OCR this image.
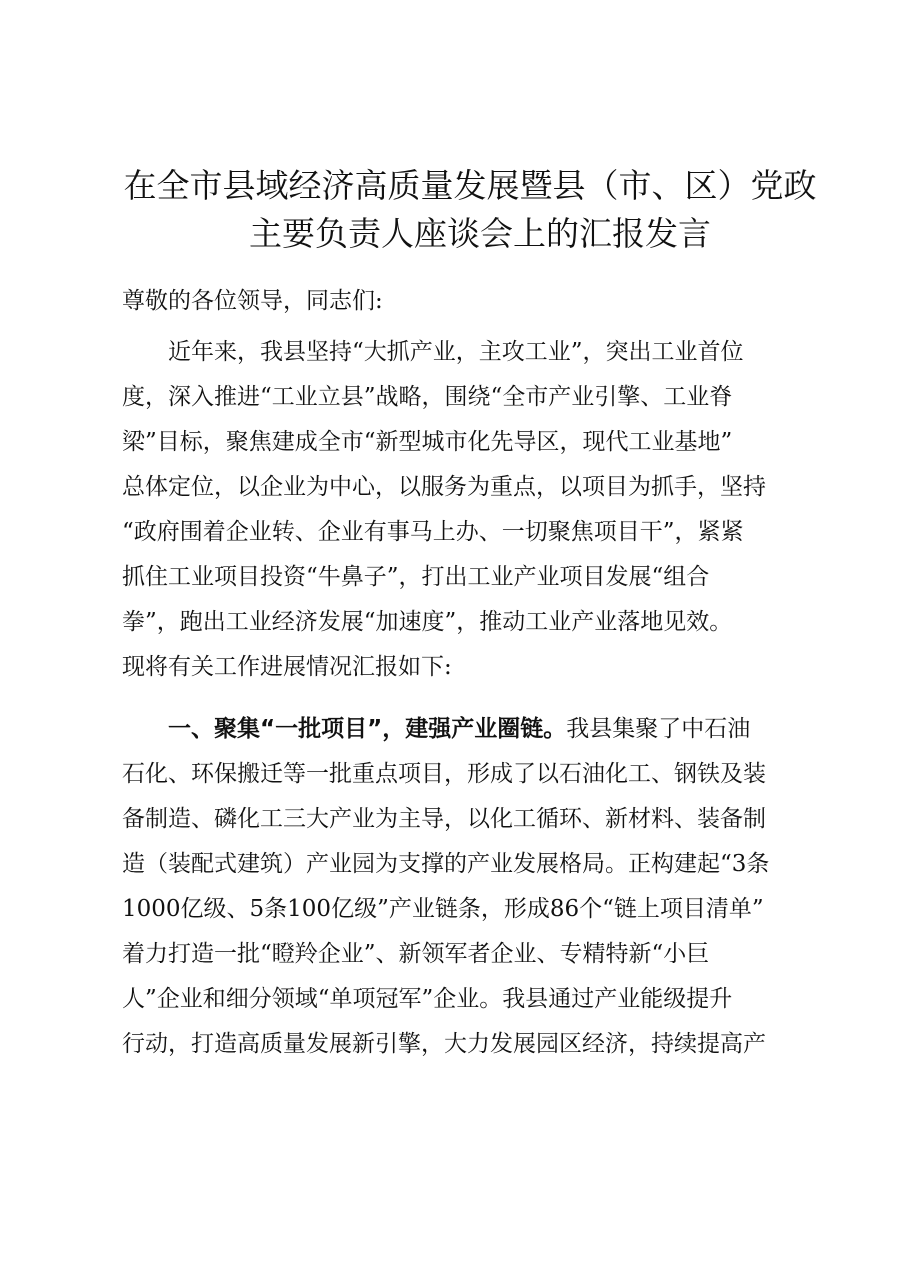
在全市县域经济高质量发展暨县（市、区）党政
主要负责人座谈会上的汇报发言
尊敬的各位领导，同志们:
近年来，我县坚持“大抓产业，主攻工业”，突出工业首位
度，深入推进“工业立县”战略，围绕“全市产业引擎、工业脊
梁”目标，聚焦建成全市“新型城市化先导区，现代工业基地”
总体定位，以企业为中心，以服务为重点，以项目为抓手，坚持
“政府围着企业转、企业有事马上办、一切聚焦项目干”，紧紧
抓住工业项目投资“牛鼻子”，打出工业产业项目发展“组合
拳”，跑出工业经济发展“加速度”，推动工业产业落地见效。
现将有关工作进展情况汇报如下:
一、聚集“一批项目”，建强产业圈链。我县集聚了中石油
石化、环保搬迁等一批重点项目，形成了以石油化工、钢铁及装
备制造、磷化工三大产业为主导，以化工循环、新材料、装备制
造（装配式建筑）产业园为支撑的产业发展格局。正构建起“3条
1000亿级、5条100亿级”产业链条，形成86个“链上项目清单”
着力打造一批“瞪羚企业”、新领军者企业、专精特新“小巨
人”企业和细分领域“单项冠军”企业。我县通过产业能级提升
行动，打造高质量发展新引擎，大力发展园区经济，持续提高产
